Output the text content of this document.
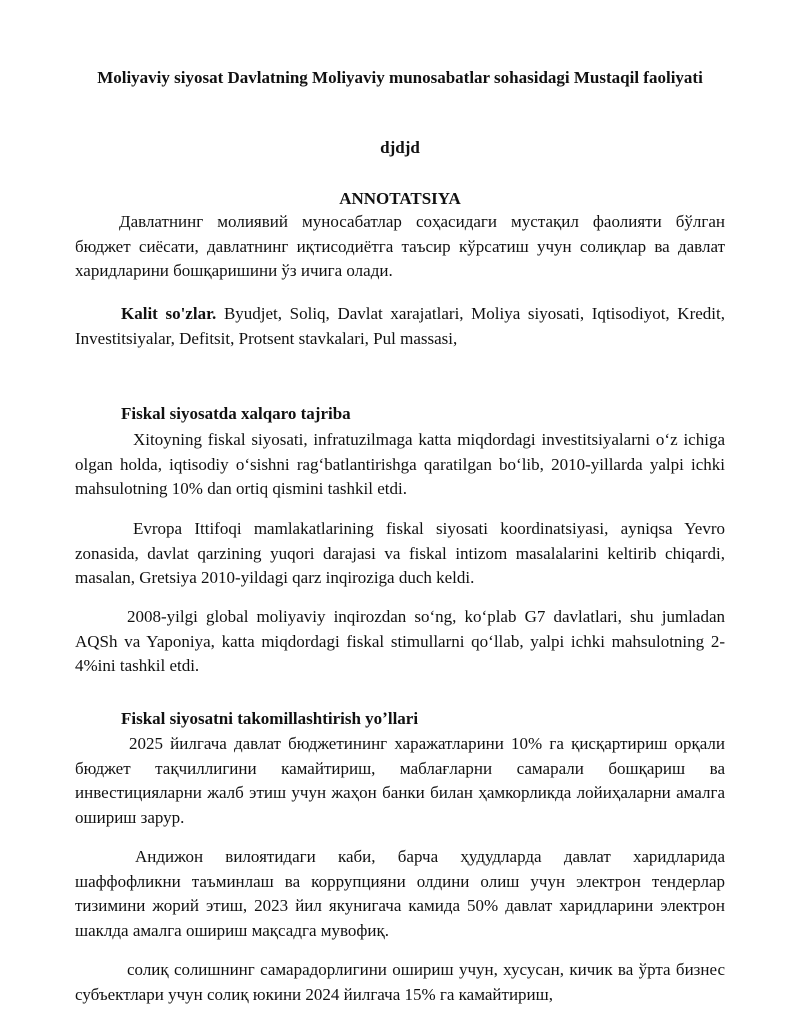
Moliyaviy siyosat Davlatning Moliyaviy munosabatlar sohasidagi Mustaqil faoliyati
djdjd
ANNOTATSIYA

Давлатнинг молиявий муносабатлар соҳасидаги мустақил фаолияти бўлган бюджет сиёсати, давлатнинг иқтисодиётга таъсир кўрсатиш учун солиқлар ва давлат харидларини бошқаришини ўз ичига олади.

Kalit so'zlar. Byudjet, Soliq, Davlat xarajatlari, Moliya siyosati, Iqtisodiyot, Kredit, Investitsiyalar, Defitsit, Protsent stavkalari, Pul massasi,

Fiskal siyosatda xalqaro tajriba

Xitoyning fiskal siyosati, infratuzilmaga katta miqdordagi investitsiyalarni oʻz ichiga olgan holda, iqtisodiy oʻsishni ragʻbatlantirishga qaratilgan boʻlib, 2010-yillarda yalpi ichki mahsulotning 10% dan ortiq qismini tashkil etdi.

Evropa Ittifoqi mamlakatlarining fiskal siyosati koordinatsiyasi, ayniqsa Yevro zonasida, davlat qarzining yuqori darajasi va fiskal intizom masalalarini keltirib chiqardi, masalan, Gretsiya 2010-yildagi qarz inqiroziga duch keldi.

2008-yilgi global moliyaviy inqirozdan soʻng, koʻplab G7 davlatlari, shu jumladan AQSh va Yaponiya, katta miqdordagi fiskal stimullarni qoʻllab, yalpi ichki mahsulotning 2-4%ini tashkil etdi.

Fiskal siyosatni takomillashtirish yoʼllari

2025 йилгача давлат бюджетининг харажатларини 10% га қисқартириш орқали бюджет тақчиллигини камайтириш, маблағларни самарали бошқариш ва инвестицияларни жалб этиш учун жаҳон банки билан ҳамкорликда лойиҳаларни амалга ошириш зарур.

Андижон вилоятидаги каби, барча ҳудудларда давлат харидларида шаффофликни таъминлаш ва коррупцияни олдини олиш учун электрон тендерлар тизимини жорий этиш, 2023 йил якунигача камида 50% давлат харидларини электрон шаклда амалга ошириш мақсадга мувофиқ.

солиқ солишнинг самарадорлигини ошириш учун, хусусан, кичик ва ўрта бизнес субъектлари учун солиқ юкини 2024 йилгача 15% га камайтириш,
